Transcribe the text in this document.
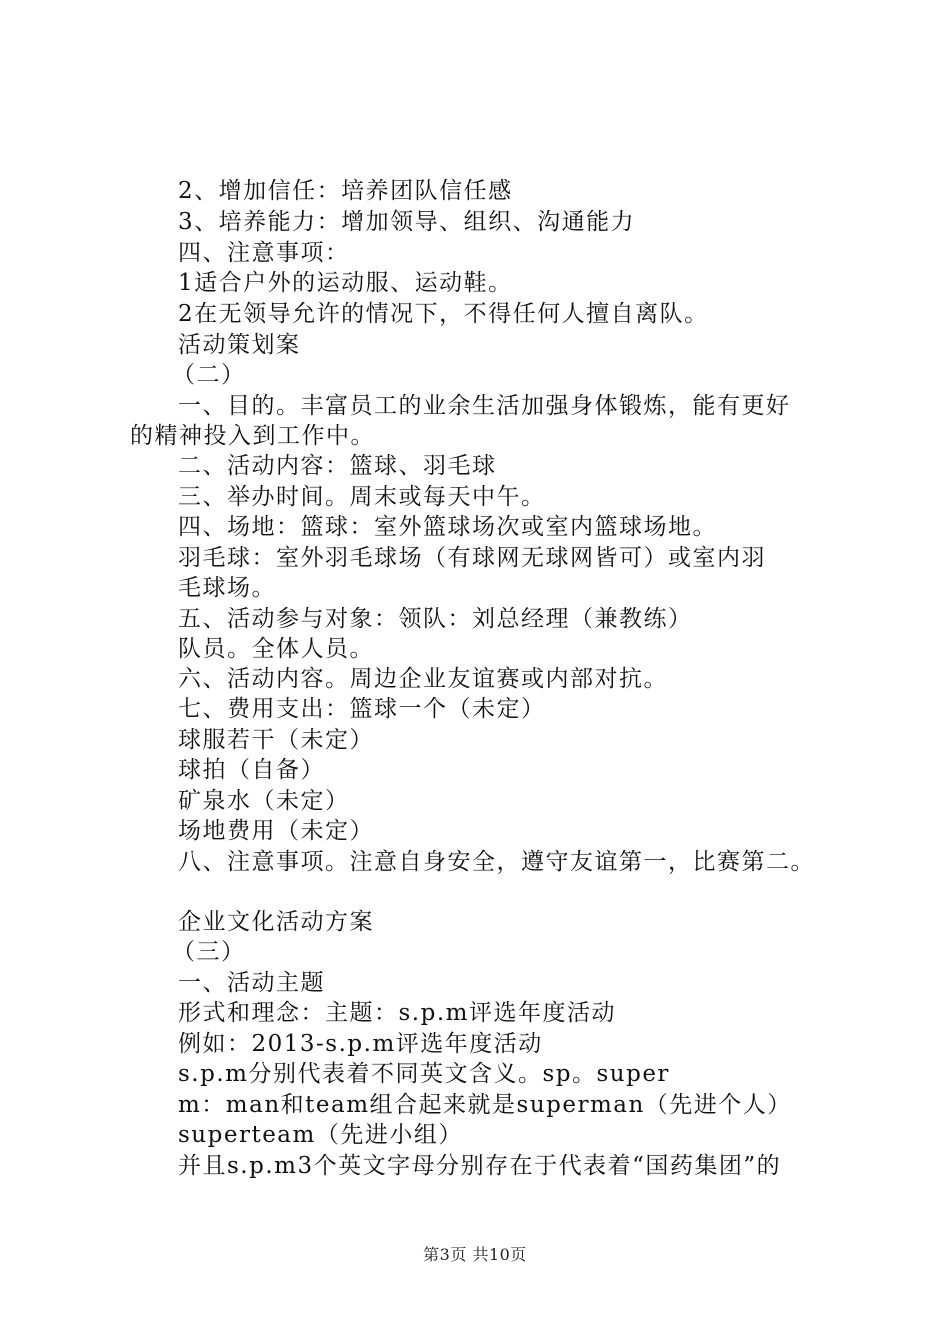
2、增加信任：培养团队信任感
3、培养能力：增加领导、组织、沟通能力
四、注意事项：
1适合户外的运动服、运动鞋。
2在无领导允许的情况下，不得任何人擅自离队。
活动策划案
（二）
一、目的。丰富员工的业余生活加强身体锻炼，能有更好
的精神投入到工作中。
二、活动内容：篮球、羽毛球
三、举办时间。周末或每天中午。
四、场地：篮球：室外篮球场次或室内篮球场地。
羽毛球：室外羽毛球场（有球网无球网皆可）或室内羽
毛球场。
五、活动参与对象：领队：刘总经理（兼教练）
队员。全体人员。
六、活动内容。周边企业友谊赛或内部对抗。
七、费用支出：篮球一个（未定）
球服若干（未定）
球拍（自备）
矿泉水（未定）
场地费用（未定）
八、注意事项。注意自身安全，遵守友谊第一，比赛第二。
企业文化活动方案
（三）
一、活动主题
形式和理念：主题：s.p.m评选年度活动
例如：2013-s.p.m评选年度活动
s.p.m分别代表着不同英文含义。sp。super
m：man和team组合起来就是superman（先进个人）
superteam（先进小组）
并且s.p.m3个英文字母分别存在于代表着“国药集团”的
第3页 共10页
